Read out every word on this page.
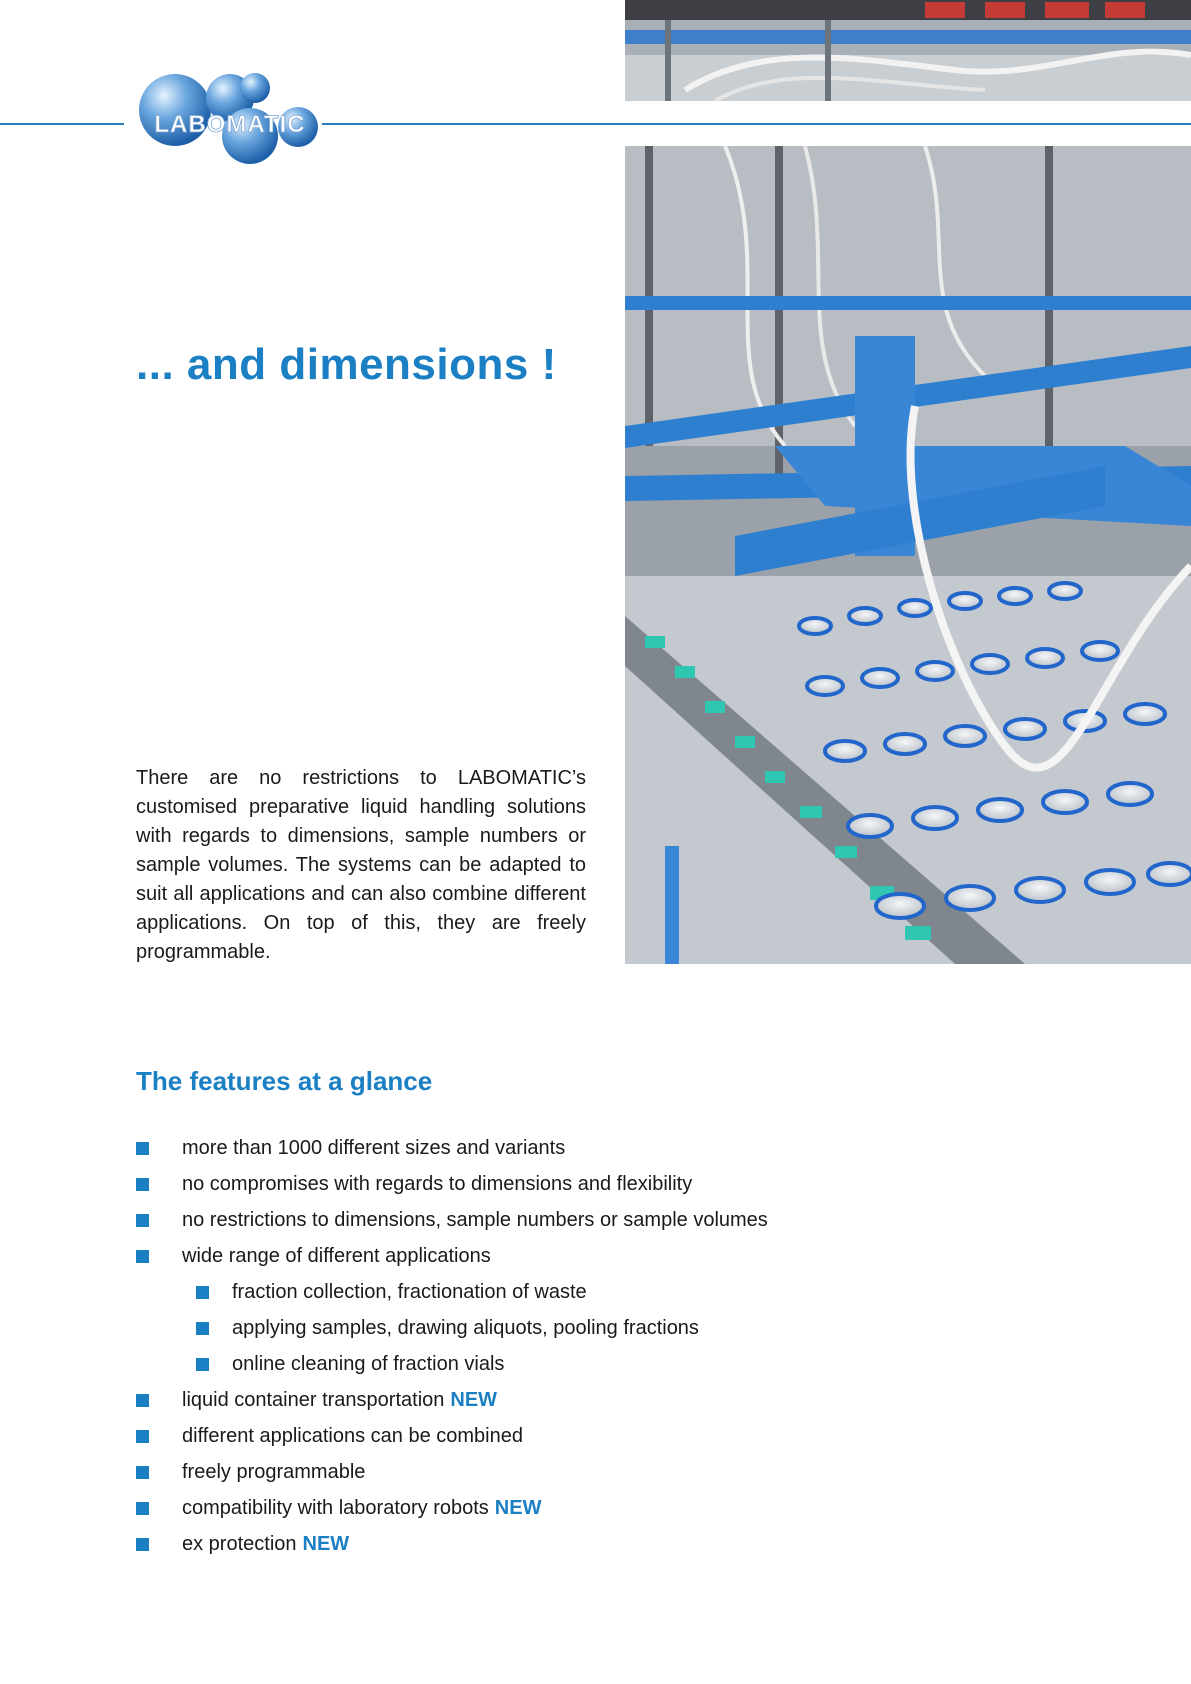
LABOMATIC
... and dimensions !

There are no restrictions to LABOMATIC’s customised preparative liquid handling solutions with regards to dimensions, sample numbers or sample volumes. The systems can be adapted to suit all applications and can also combine different applications. On top of this, they are freely programmable.

The features at a glance
more than 1000 different sizes and variants
no compromises with regards to dimensions and flexibility
no restrictions to dimensions, sample numbers or sample volumes
wide range of different applications
fraction collection, fractionation of waste
applying samples, drawing aliquots, pooling fractions
online cleaning of fraction vials
liquid container transportation NEW
different applications can be combined
freely programmable
compatibility with laboratory robots NEW
ex protection NEW
